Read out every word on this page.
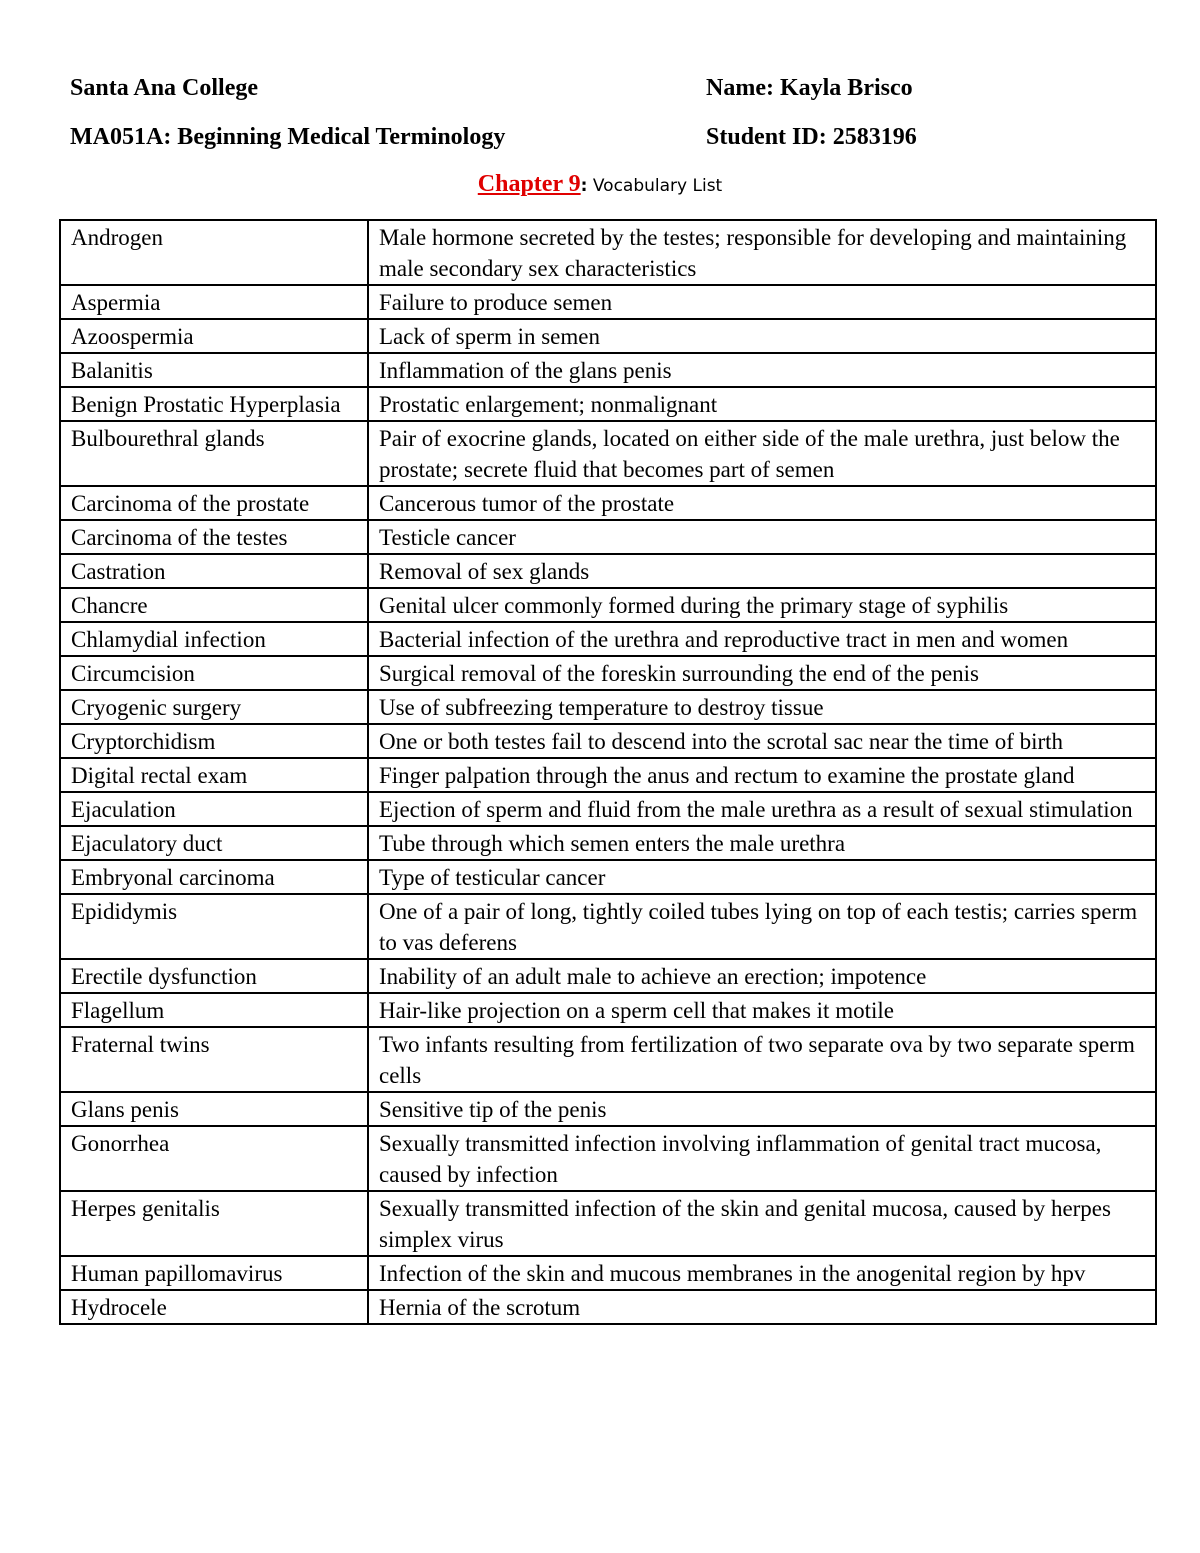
Santa Ana College	Name: Kayla Brisco
MA051A: Beginning Medical Terminology	Student ID: 2583196
Chapter 9: Vocabulary List
Androgen	Male hormone secreted by the testes; responsible for developing and maintaining male secondary sex characteristics
Aspermia	Failure to produce semen
Azoospermia	Lack of sperm in semen
Balanitis	Inflammation of the glans penis
Benign Prostatic Hyperplasia	Prostatic enlargement; nonmalignant
Bulbourethral glands	Pair of exocrine glands, located on either side of the male urethra, just below the prostate; secrete fluid that becomes part of semen
Carcinoma of the prostate	Cancerous tumor of the prostate
Carcinoma of the testes	Testicle cancer
Castration	Removal of sex glands
Chancre	Genital ulcer commonly formed during the primary stage of syphilis
Chlamydial infection	Bacterial infection of the urethra and reproductive tract in men and women
Circumcision	Surgical removal of the foreskin surrounding the end of the penis
Cryogenic surgery	Use of subfreezing temperature to destroy tissue
Cryptorchidism	One or both testes fail to descend into the scrotal sac near the time of birth
Digital rectal exam	Finger palpation through the anus and rectum to examine the prostate gland
Ejaculation	Ejection of sperm and fluid from the male urethra as a result of sexual stimulation
Ejaculatory duct	Tube through which semen enters the male urethra
Embryonal carcinoma	Type of testicular cancer
Epididymis	One of a pair of long, tightly coiled tubes lying on top of each testis; carries sperm to vas deferens
Erectile dysfunction	Inability of an adult male to achieve an erection; impotence
Flagellum	Hair-like projection on a sperm cell that makes it motile
Fraternal twins	Two infants resulting from fertilization of two separate ova by two separate sperm cells
Glans penis	Sensitive tip of the penis
Gonorrhea	Sexually transmitted infection involving inflammation of genital tract mucosa, caused by infection
Herpes genitalis	Sexually transmitted infection of the skin and genital mucosa, caused by herpes simplex virus
Human papillomavirus	Infection of the skin and mucous membranes in the anogenital region by hpv
Hydrocele	Hernia of the scrotum
